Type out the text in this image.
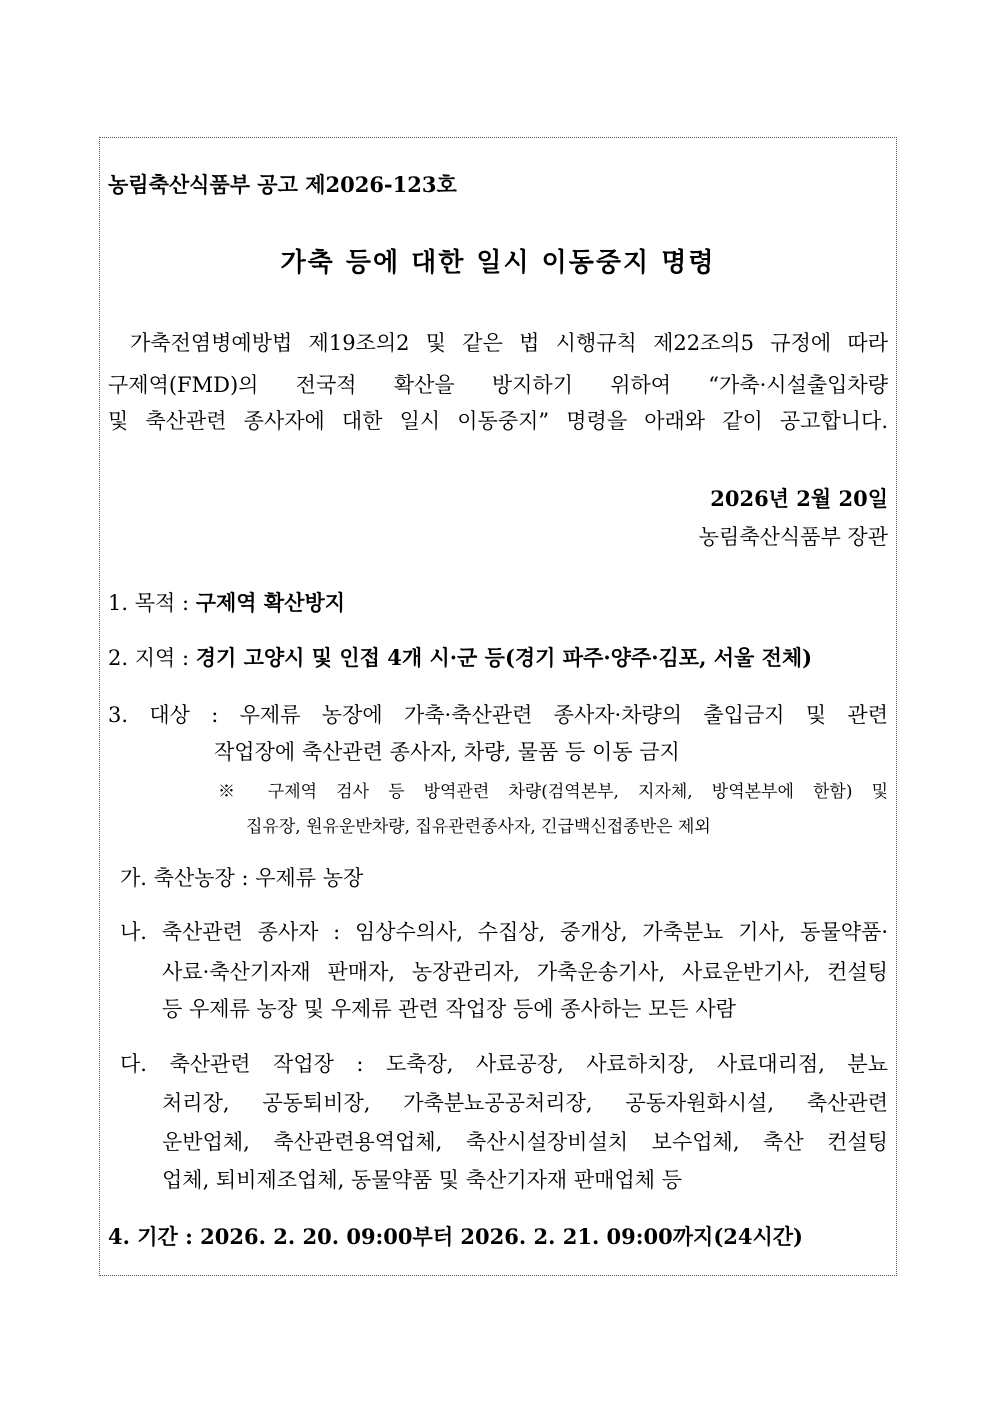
농림축산식품부 공고 제2026-123호
가축 등에 대한 일시 이동중지 명령
가축전염병예방법 제19조의2 및 같은 법 시행규칙 제22조의5 규정에 따라
구제역(FMD)의 전국적 확산을 방지하기 위하여 “가축·시설출입차량
및 축산관련 종사자에 대한 일시 이동중지” 명령을 아래와 같이 공고합니다.
2026년 2월 20일
농림축산식품부 장관
1. 목적 : 구제역 확산방지
2. 지역 : 경기 고양시 및 인접 4개 시·군 등(경기 파주·양주·김포, 서울 전체)
3. 대상 : 우제류 농장에 가축·축산관련 종사자·차량의 출입금지 및 관련
작업장에 축산관련 종사자, 차량, 물품 등 이동 금지
※ 구제역 검사 등 방역관련 차량(검역본부, 지자체, 방역본부에 한함) 및
집유장, 원유운반차량, 집유관련종사자, 긴급백신접종반은 제외
가. 축산농장 : 우제류 농장
나. 축산관련 종사자 : 임상수의사, 수집상, 중개상, 가축분뇨 기사, 동물약품·
사료·축산기자재 판매자, 농장관리자, 가축운송기사, 사료운반기사, 컨설팅
등 우제류 농장 및 우제류 관련 작업장 등에 종사하는 모든 사람
다. 축산관련 작업장 : 도축장, 사료공장, 사료하치장, 사료대리점, 분뇨
처리장, 공동퇴비장, 가축분뇨공공처리장, 공동자원화시설, 축산관련
운반업체, 축산관련용역업체, 축산시설장비설치 보수업체, 축산 컨설팅
업체, 퇴비제조업체, 동물약품 및 축산기자재 판매업체 등
4. 기간 : 2026. 2. 20. 09:00부터 2026. 2. 21. 09:00까지(24시간)
